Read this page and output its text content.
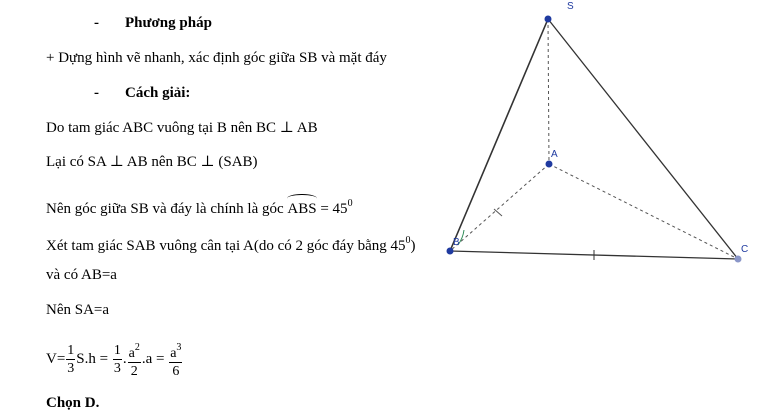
- Phương pháp
+ Dựng hình vẽ nhanh, xác định góc giữa SB và mặt đáy
- Cách giải:
Do tam giác ABC vuông tại B nên BC ⊥ AB
Lại có SA ⊥ AB nên BC ⊥ (SAB)
Nên góc giữa SB và đáy là chính là góc
ABS = $45^0$
Xét tam giác SAB vuông cân tại A(do có 2 góc đáy bằng $45^0$)
và có AB=a
Nên SA=a
$V= \frac{1}{3} S.h = \frac{1}{3}$ . $\frac{a^2}{2} .a = \frac{a^3}{6}$
Chọn D.
S
A
B
C
